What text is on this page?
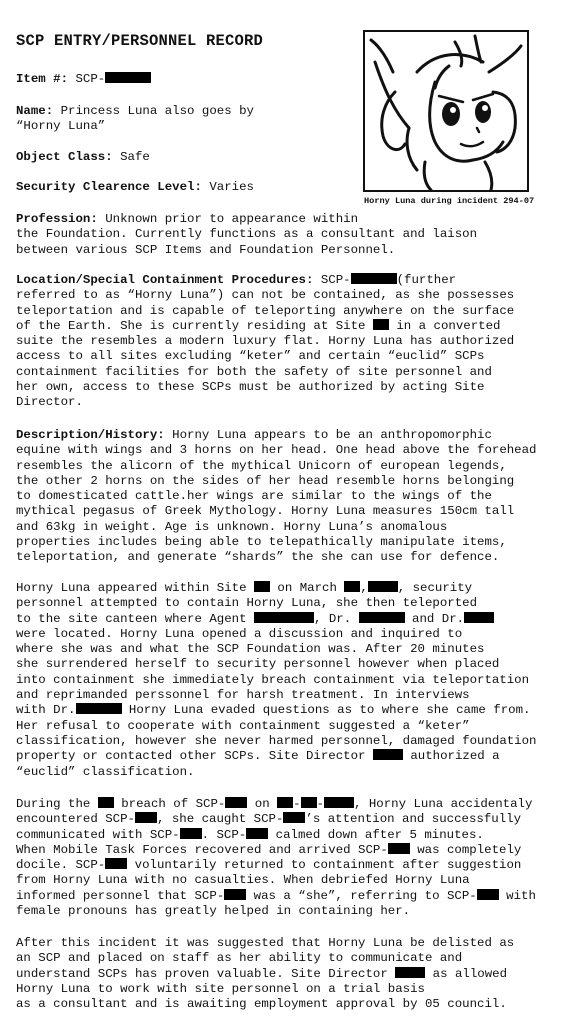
SCP ENTRY/PERSONNEL RECORD
Item #: SCP-
Name: Princess Luna also goes by
“Horny Luna”
Object Class: Safe
Security Clearence Level: Varies
Horny Luna during incident 294-07
Profession: Unknown prior to appearance within
the Foundation. Currently functions as a consultant and laison
between various SCP Items and Foundation Personnel.
Location/Special Containment Procedures: SCP-	(further
referred to as “Horny Luna”) can not be contained, as she possesses
teleportation and is capable of teleporting anywhere on the surface
of the Earth. She is currently residing at Site  in a converted
suite the resembles a modern luxury flat. Horny Luna has authorized
access to all sites excluding “keter” and certain “euclid” SCPs
containment facilities for both the safety of site personnel and
her own, access to these SCPs must be authorized by acting Site
Director.
Description/History: Horny Luna appears to be an anthropomorphic
equine with wings and 3 horns on her head. One head above the forehead
resembles the alicorn of the mythical Unicorn of european legends,
the other 2 horns on the sides of her head resemble horns belonging
to domesticated cattle.her wings are similar to the wings of the
mythical pegasus of Greek Mythology. Horny Luna measures 150cm tall
and 63kg in weight. Age is unknown. Horny Luna’s anomalous
properties includes being able to telepathically manipulate items,
teleportation, and generate “shards” the she can use for defence.
Horny Luna appeared within Site  on March , , security
personnel attempted to contain Horny Luna, she then teleported
to the site canteen where Agent	, Dr.	and Dr.
were located. Horny Luna opened a discussion and inquired to
where she was and what the SCP Foundation was. After 20 minutes
she surrendered herself to security personnel however when placed
into containment she immediately breach containment via teleportation
and reprimanded perssonnel for harsh treatment. In interviews
with Dr.	Horny Luna evaded questions as to where she came from.
Her refusal to cooperate with containment suggested a “keter”
classification, however she never harmed personnel, damaged foundation
property or contacted other SCPs. Site Director	authorized a
“euclid” classification.
During the  breach of SCP- on - - , Horny Luna accidentaly
encountered SCP- , she caught SCP- ’s attention and successfully
communicated with SCP- . SCP- calmed down after 5 minutes.
When Mobile Task Forces recovered and arrived SCP- was completely
docile. SCP- voluntarily returned to containment after suggestion
from Horny Luna with no casualties. When debriefed Horny Luna
informed personnel that SCP- was a “she”, referring to SCP- with
female pronouns has greatly helped in containing her.
After this incident it was suggested that Horny Luna be delisted as
an SCP and placed on staff as her ability to communicate and
understand SCPs has proven valuable. Site Director	as allowed
Horny Luna to work with site personnel on a trial basis
as a consultant and is awaiting employment approval by 05 council.
